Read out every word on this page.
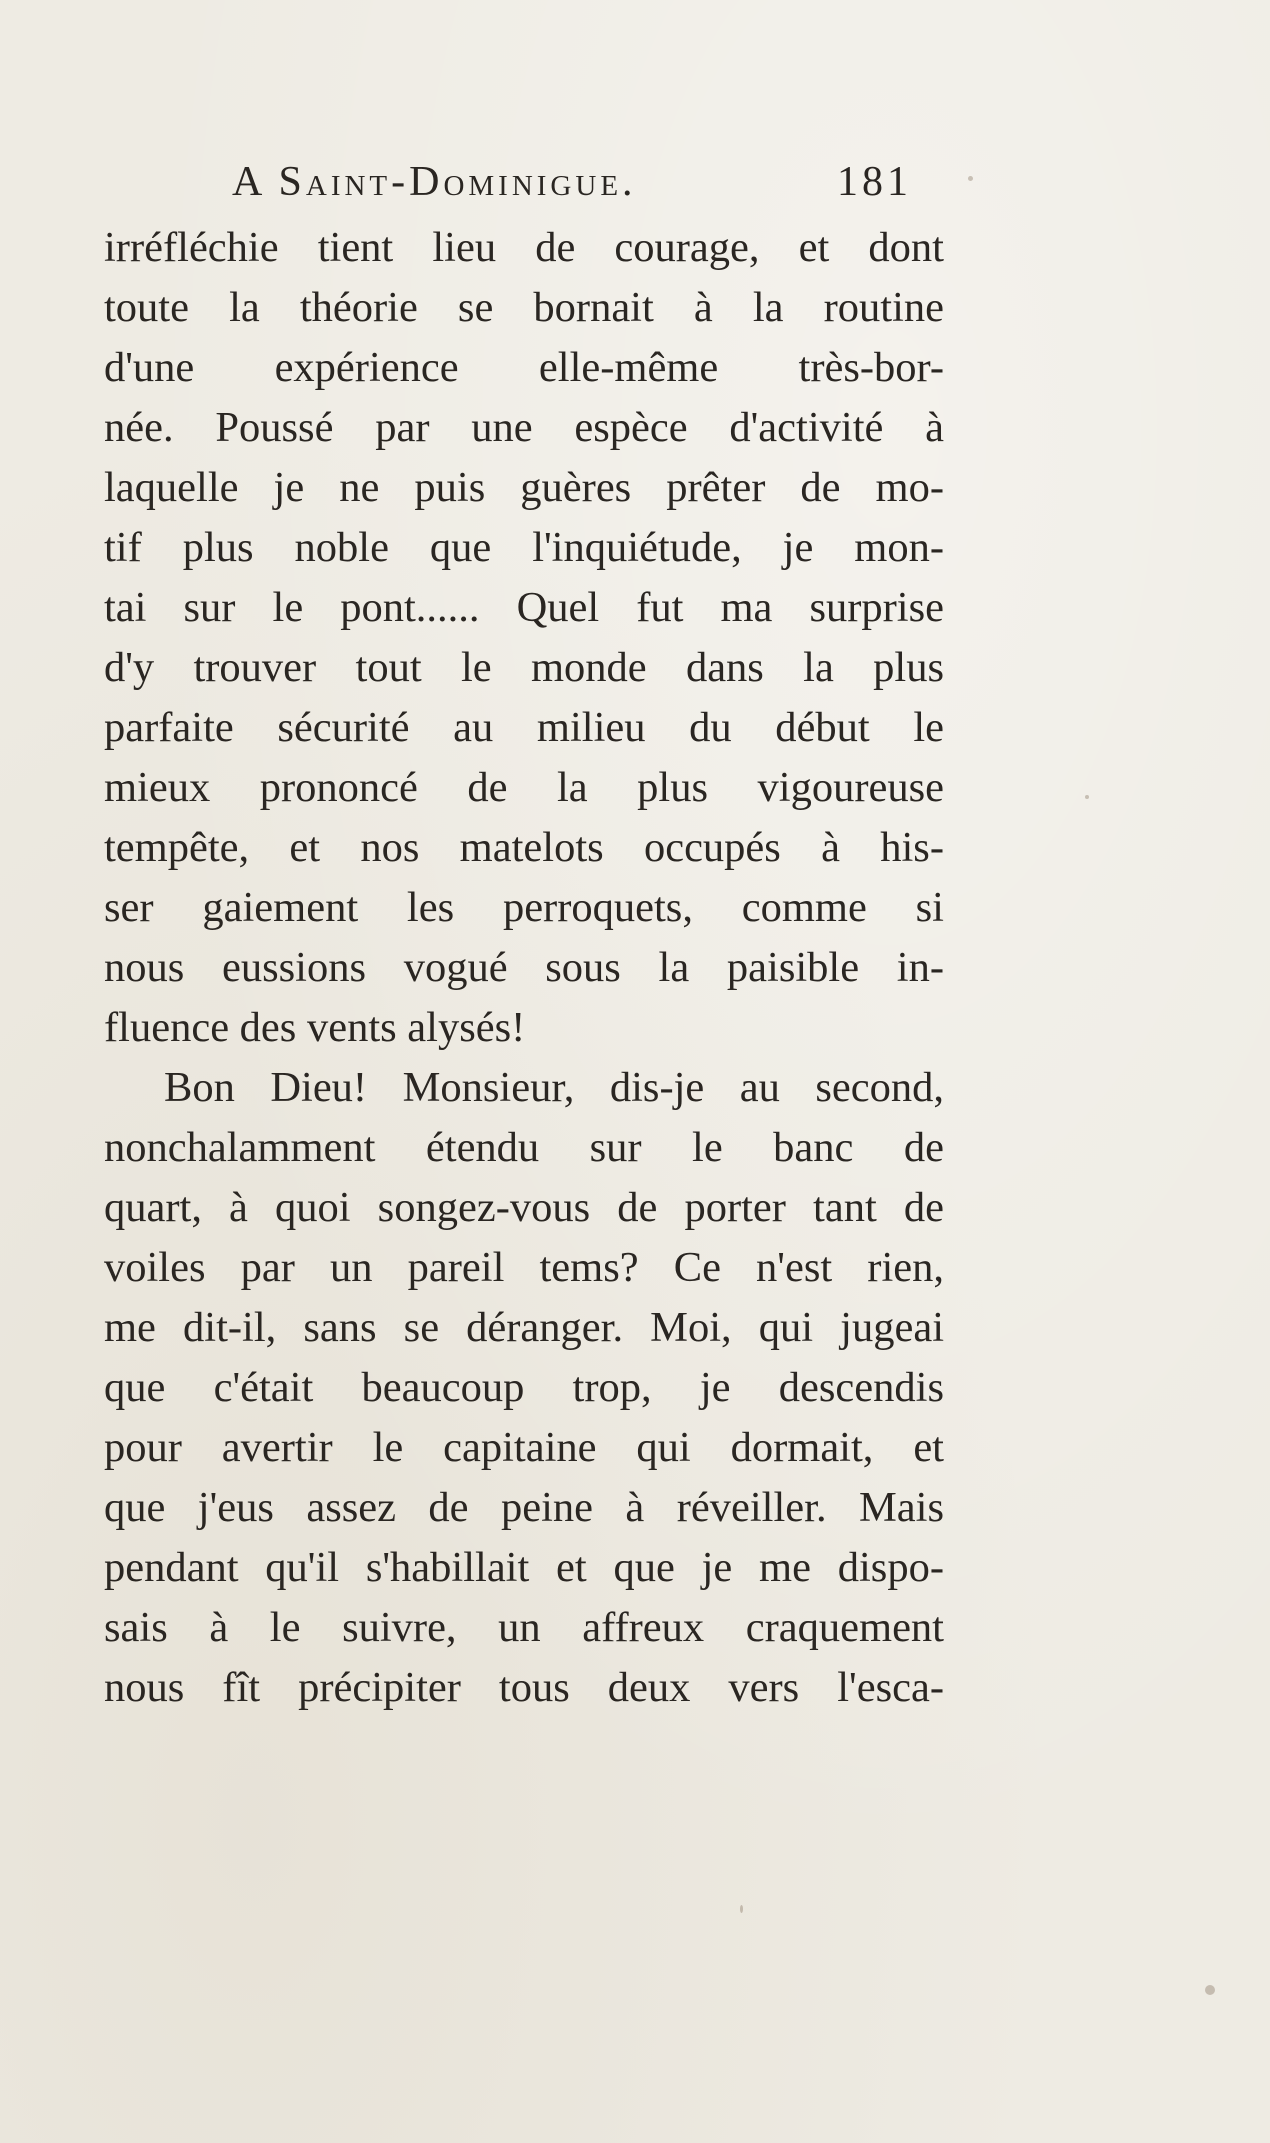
A Saint-Dominigue.	181
irréfléchie tient lieu de courage, et dont
toute la théorie se bornait à la routine
d'une expérience elle-même très-bor-
née. Poussé par une espèce d'activité à
laquelle je ne puis guères prêter de mo-
tif plus noble que l'inquiétude, je mon-
tai sur le pont...... Quel fut ma surprise
d'y trouver tout le monde dans la plus
parfaite sécurité au milieu du début le
mieux prononcé de la plus vigoureuse
tempête, et nos matelots occupés à his-
ser gaiement les perroquets, comme si
nous eussions vogué sous la paisible in-
fluence des vents alysés!
Bon Dieu! Monsieur, dis-je au second,
nonchalamment étendu sur le banc de
quart, à quoi songez-vous de porter tant de
voiles par un pareil tems? Ce n'est rien,
me dit-il, sans se déranger. Moi, qui jugeai
que c'était beaucoup trop, je descendis
pour avertir le capitaine qui dormait, et
que j'eus assez de peine à réveiller. Mais
pendant qu'il s'habillait et que je me dispo-
sais à le suivre, un affreux craquement
nous fît précipiter tous deux vers l'esca-
